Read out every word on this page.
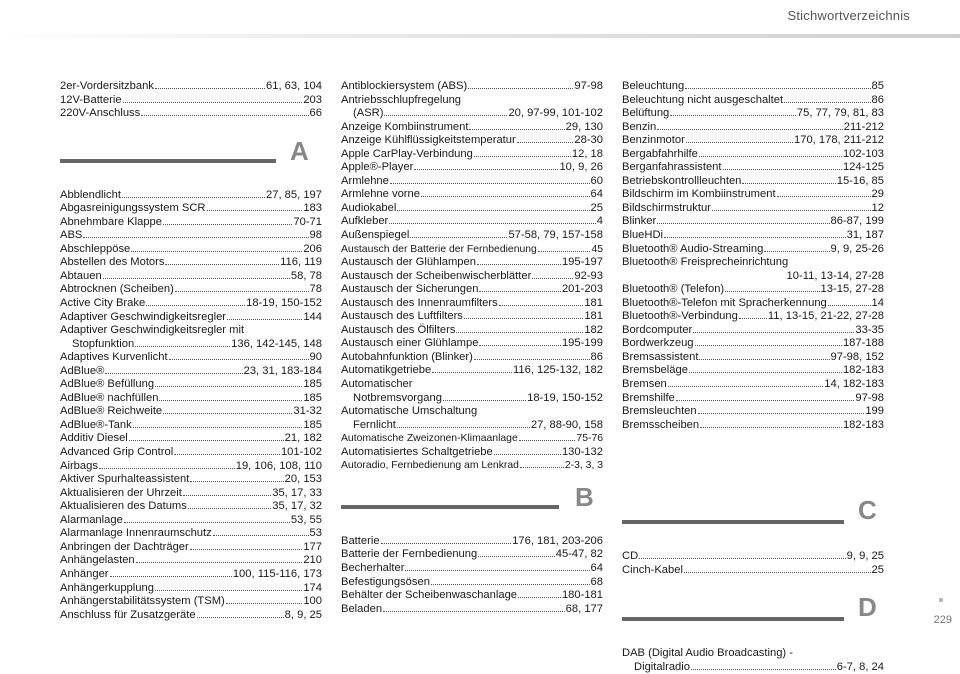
Stichwortverzeichnis
2er-Vordersitzbank	61, 63, 104
12V-Batterie	203
220V-Anschluss	66
A
Abblendlicht	27, 85, 197
Abgasreinigungssystem SCR	183
Abnehmbare Klappe	70-71
ABS	98
Abschleppöse	206
Abstellen des Motors	116, 119
Abtauen	58, 78
Abtrocknen (Scheiben)	78
Active City Brake	18-19, 150-152
Adaptiver Geschwindigkeitsregler	144
Adaptiver Geschwindigkeitsregler mit
Stopfunktion	136, 142-145, 148
Adaptives Kurvenlicht	90
AdBlue®	23, 31, 183-184
AdBlue® Befüllung	185
AdBlue® nachfüllen	185
AdBlue® Reichweite	31-32
AdBlue®-Tank	185
Additiv Diesel	21, 182
Advanced Grip Control	101-102
Airbags	19, 106, 108, 110
Aktiver Spurhalteassistent	20, 153
Aktualisieren der Uhrzeit	35, 17, 33
Aktualisieren des Datums	35, 17, 32
Alarmanlage	53, 55
Alarmanlage Innenraumschutz	53
Anbringen der Dachträger	177
Anhängelasten	210
Anhänger	100, 115-116, 173
Anhängerkupplung	174
Anhängerstabilitätssystem (TSM)	100
Anschluss für Zusatzgeräte	8, 9, 25
Antiblockiersystem (ABS)	97-98
Antriebsschlupfregelung
(ASR)	20, 97-99, 101-102
Anzeige Kombiinstrument	29, 130
Anzeige Kühlflüssigkeitstemperatur	28-30
Apple CarPlay-Verbindung	12, 18
Apple®-Player	10, 9, 26
Armlehne	60
Armlehne vorne	64
Audiokabel	25
Aufkleber	4
Außenspiegel	57-58, 79, 157-158
Austausch der Batterie der Fernbedienung	45
Austausch der Glühlampen	195-197
Austausch der Scheibenwischerblätter	92-93
Austausch der Sicherungen	201-203
Austausch des Innenraumfilters	181
Austausch des Luftfilters	181
Austausch des Ölfilters	182
Austausch einer Glühlampe	195-199
Autobahnfunktion (Blinker)	86
Automatikgetriebe	116, 125-132, 182
Automatischer
Notbremsvorgang	18-19, 150-152
Automatische Umschaltung
Fernlicht	27, 88-90, 158
Automatische Zweizonen-Klimaanlage	75-76
Automatisiertes Schaltgetriebe	130-132
Autoradio, Fernbedienung am Lenkrad	2-3, 3, 3
B
Batterie	176, 181, 203-206
Batterie der Fernbedienung	45-47, 82
Becherhalter	64
Befestigungsösen	68
Behälter der Scheibenwaschanlage	180-181
Beladen	68, 177
Beleuchtung	85
Beleuchtung nicht ausgeschaltet	86
Belüftung	75, 77, 79, 81, 83
Benzin	211-212
Benzinmotor	170, 178, 211-212
Bergabfahrhilfe	102-103
Berganfahrassistent	124-125
Betriebskontrollleuchten	15-16, 85
Bildschirm im Kombiinstrument	29
Bildschirmstruktur	12
Blinker	86-87, 199
BlueHDi	31, 187
Bluetooth® Audio-Streaming	9, 9, 25-26
Bluetooth® Freisprecheinrichtung
10-11, 13-14, 27-28
Bluetooth® (Telefon)	13-15, 27-28
Bluetooth®-Telefon mit Spracherkennung	14
Bluetooth®-Verbindung	11, 13-15, 21-22, 27-28
Bordcomputer	33-35
Bordwerkzeug	187-188
Bremsassistent	97-98, 152
Bremsbeläge	182-183
Bremsen	14, 182-183
Bremshilfe	97-98
Bremsleuchten	199
Bremsscheiben	182-183
C
CD	9, 9, 25
Cinch-Kabel	25
D
DAB (Digital Audio Broadcasting) -
Digitalradio	6-7, 8, 24
229
